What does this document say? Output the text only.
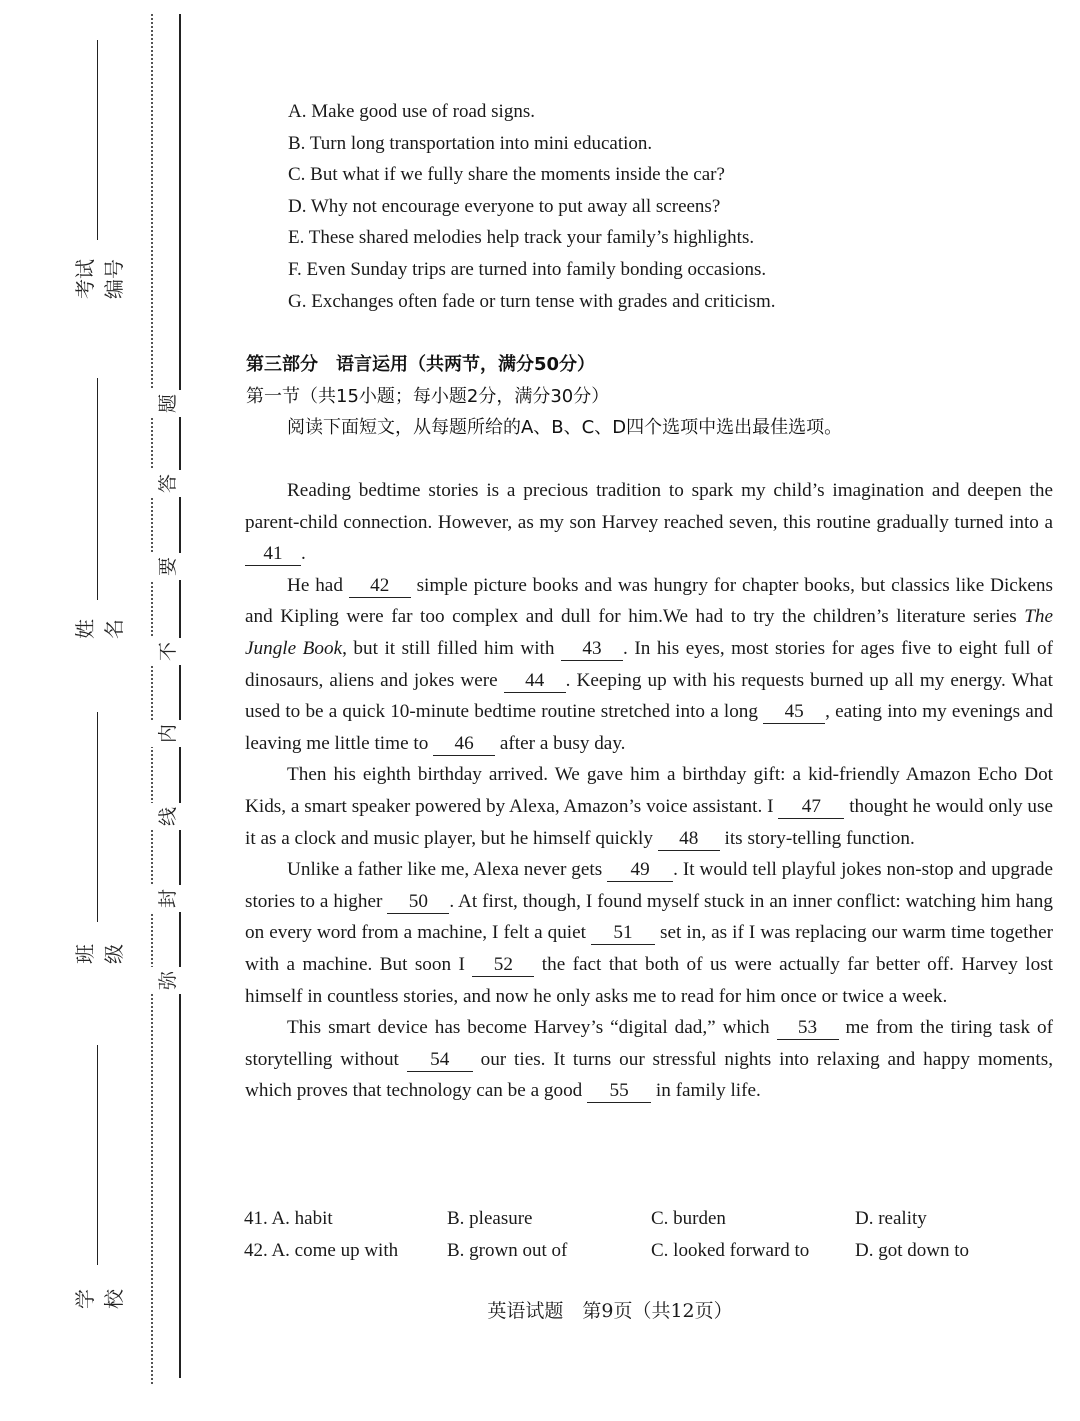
考试编号
姓 名
班 级
学 校
题
答
要
不
内
线
封
弥
A. Make good use of road signs.
B. Turn long transportation into mini education.
C. But what if we fully share the moments inside the car?
D. Why not encourage everyone to put away all screens?
E. These shared melodies help track your family’s highlights.
F. Even Sunday trips are turned into family bonding occasions.
G. Exchanges often fade or turn tense with grades and criticism.
第三部分　语言运用（共两节，满分50分）
第一节（共15小题；每小题2分，满分30分）
阅读下面短文，从每题所给的A、B、C、D四个选项中选出最佳选项。

Reading bedtime stories is a precious tradition to spark my child’s imagination and deepen the parent-child connection. However, as my son Harvey reached seven, this routine gradually turned into a 41 .

He had 42 simple picture books and was hungry for chapter books, but classics like Dickens and Kipling were far too complex and dull for him.We had to try the children’s literature series The Jungle Book, but it still filled him with 43 . In his eyes, most stories for ages five to eight full of dinosaurs, aliens and jokes were 44 . Keeping up with his requests burned up all my energy. What used to be a quick 10-minute bedtime routine stretched into a long 45 , eating into my evenings and leaving me little time to 46 after a busy day.

Then his eighth birthday arrived. We gave him a birthday gift: a kid-friendly Amazon Echo Dot Kids, a smart speaker powered by Alexa, Amazon’s voice assistant. I 47 thought he would only use it as a clock and music player, but he himself quickly 48 its story-telling function.

Unlike a father like me, Alexa never gets 49 . It would tell playful jokes non-stop and upgrade stories to a higher 50 . At first, though, I found myself stuck in an inner conflict: watching him hang on every word from a machine, I felt a quiet 51 set in, as if I was replacing our warm time together with a machine. But soon I 52 the fact that both of us were actually far better off. Harvey lost himself in countless stories, and now he only asks me to read for him once or twice a week.

This smart device has become Harvey’s “digital dad,” which 53 me from the tiring task of storytelling without 54 our ties. It turns our stressful nights into relaxing and happy moments, which proves that technology can be a good 55 in family life.

41. A. habit	B. pleasure	C. burden	D. reality
42. A. come up with	B. grown out of	C. looked forward to	D. got down to
英语试题　第9页（共12页）
